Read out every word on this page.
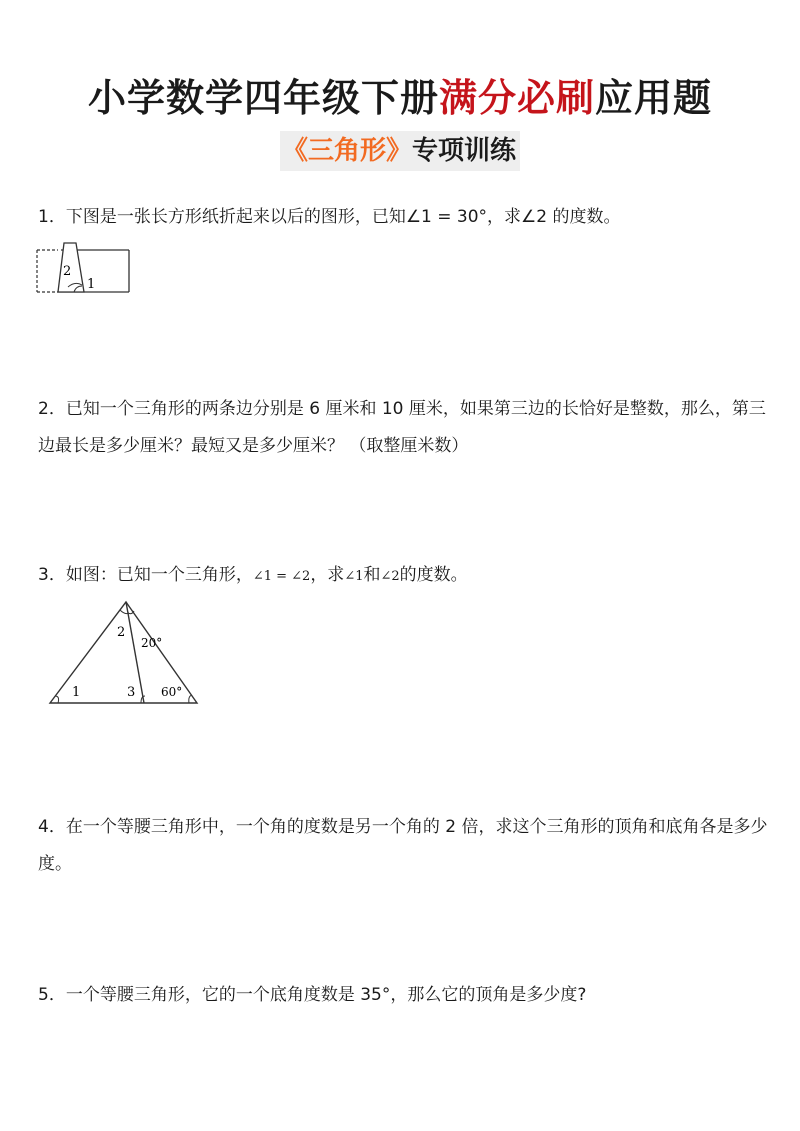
小学数学四年级下册满分必刷应用题
《三角形》专项训练
1．下图是一张长方形纸折起来以后的图形，已知∠1 = 30°，求∠2 的度数。
2
1
2．已知一个三角形的两条边分别是 6 厘米和 10 厘米，如果第三边的长恰好是整数，那么，第三边最长是多少厘米？最短又是多少厘米？ （取整厘米数）
3．如图：已知一个三角形，∠1 = ∠2，求∠1和∠2的度数。
2
20°
1	3 60°
4．在一个等腰三角形中，一个角的度数是另一个角的 2 倍，求这个三角形的顶角和底角各是多少度。
5．一个等腰三角形，它的一个底角度数是 35°，那么它的顶角是多少度?
